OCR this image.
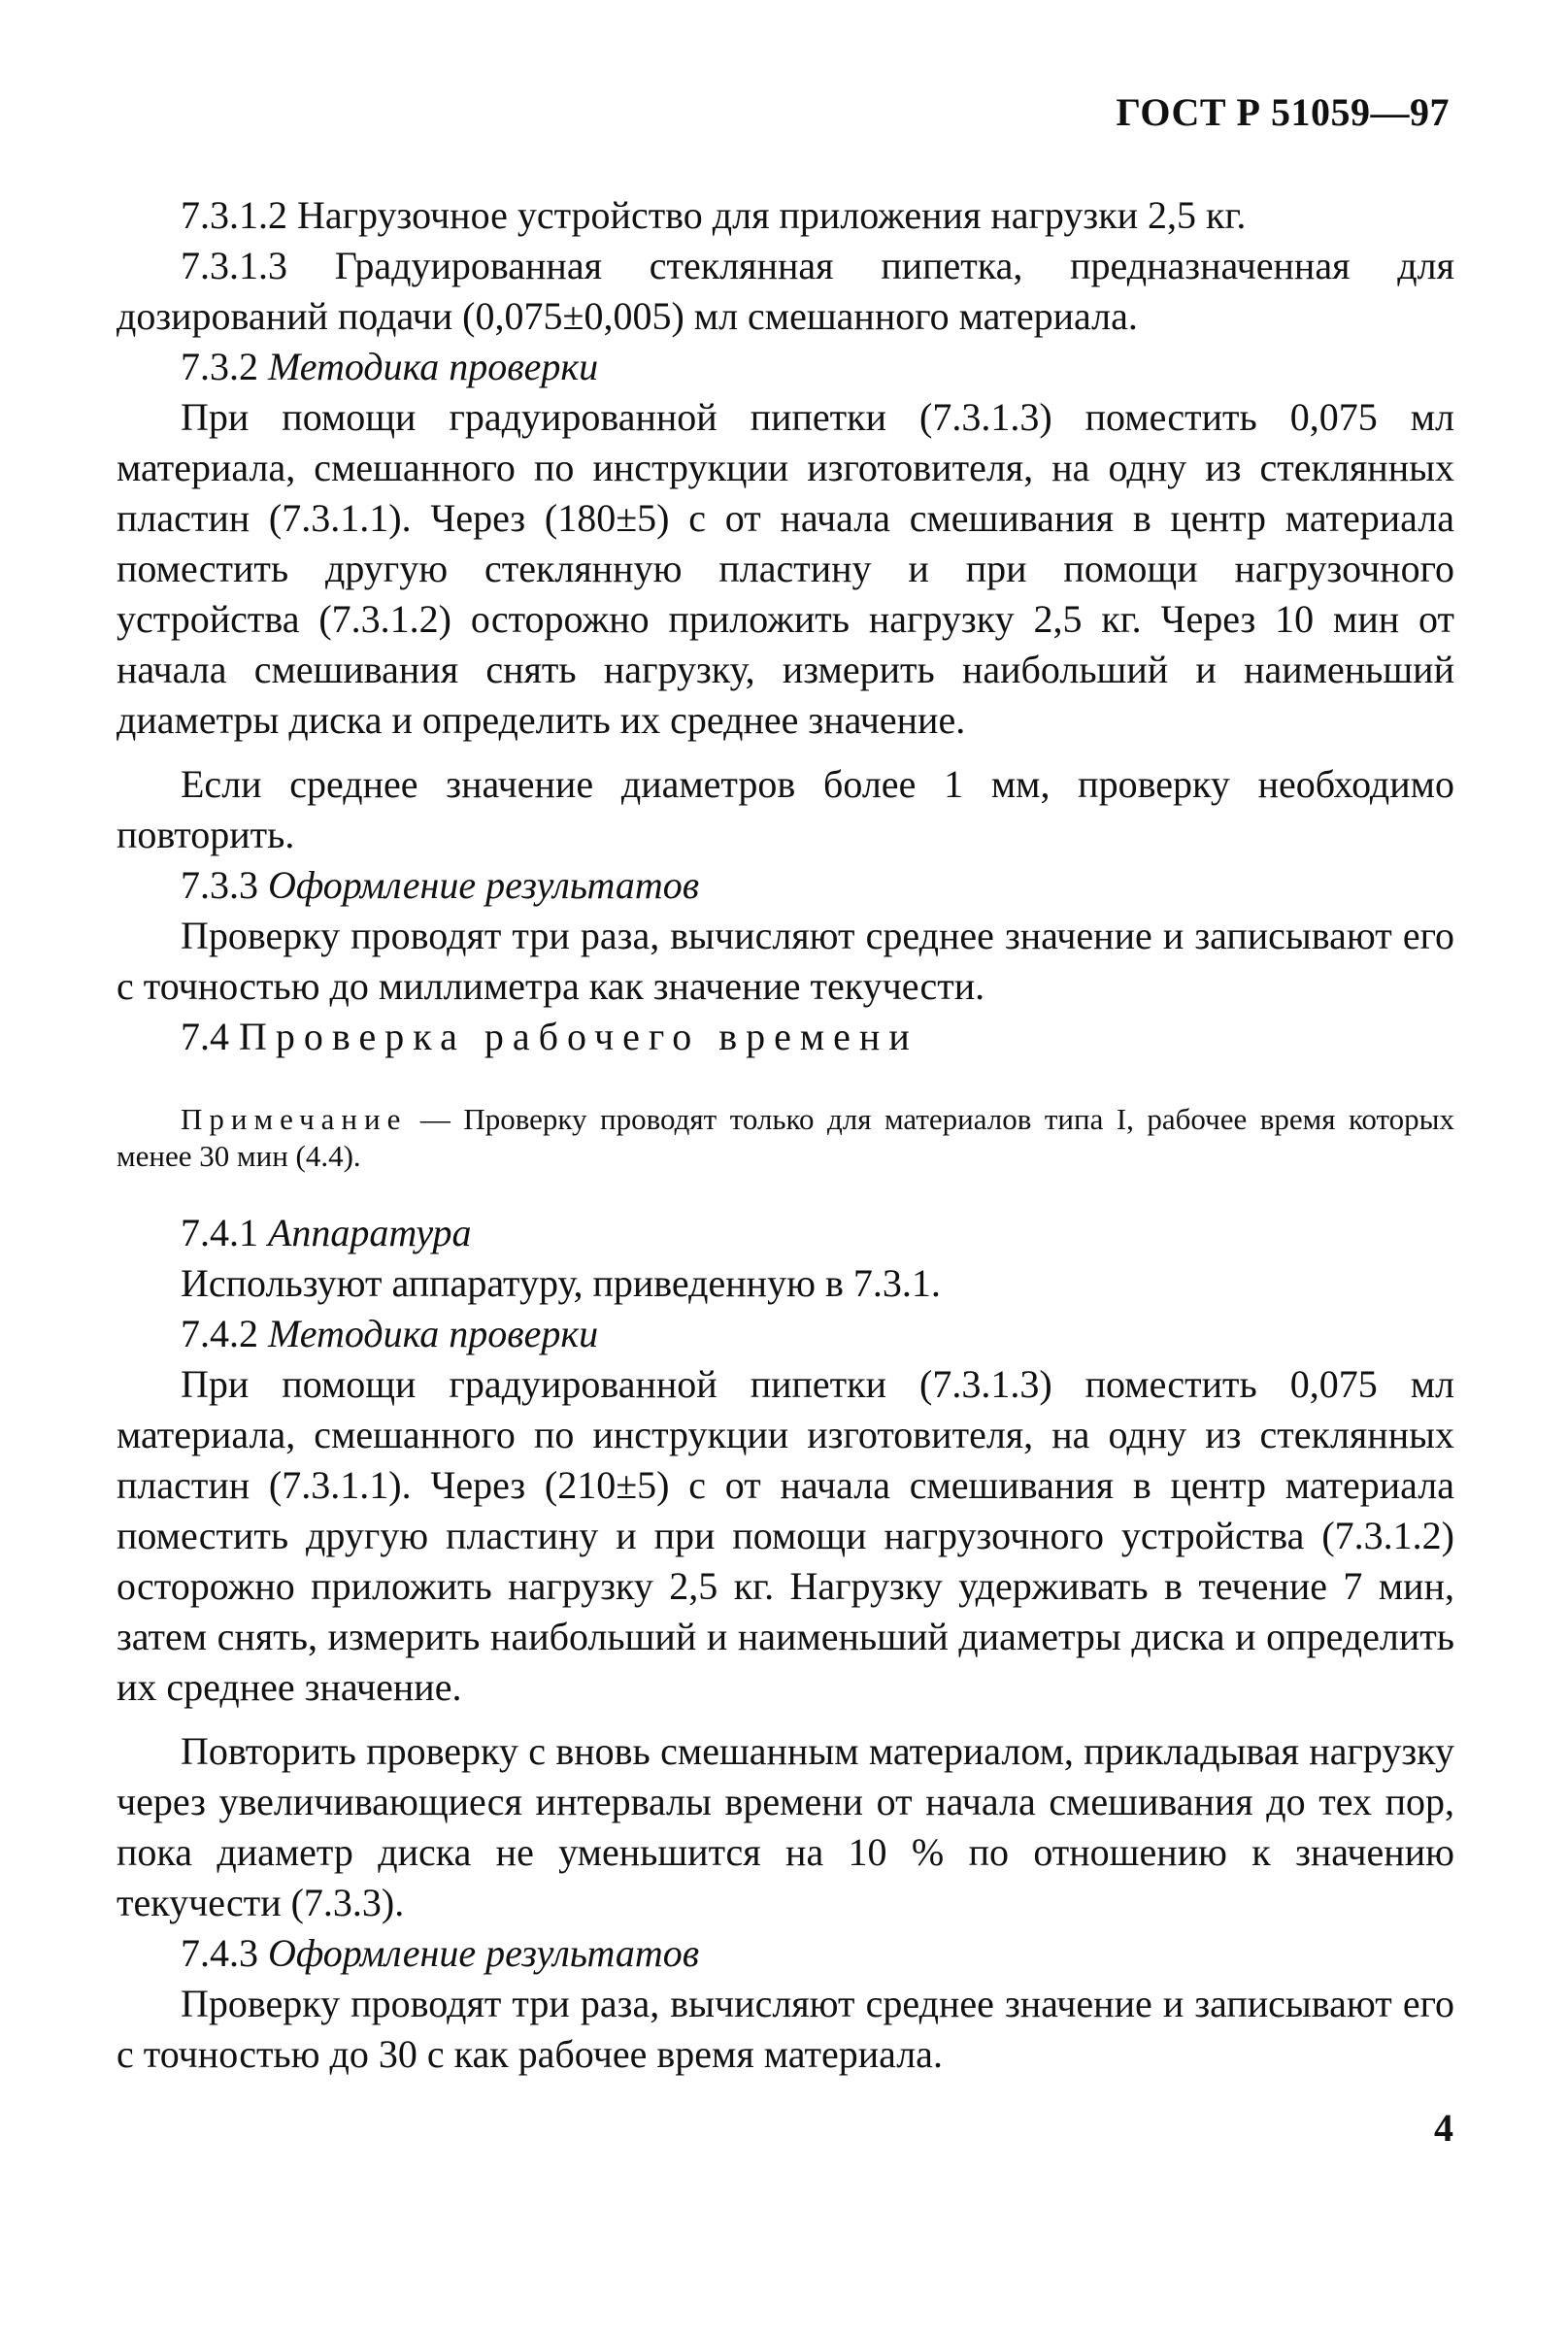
ГОСТ Р 51059—97

7.3.1.2 Нагрузочное устройство для приложения нагрузки 2,5 кг.

7.3.1.3 Градуированная стеклянная пипетка, предназначенная для дозирований подачи (0,075±0,005) мл смешанного материала.

7.3.2 Методика проверки

При помощи градуированной пипетки (7.3.1.3) поместить 0,075 мл материала, смешанного по инструкции изготовителя, на одну из стеклянных пластин (7.3.1.1). Через (180±5) с от начала смешивания в центр материала поместить другую стеклянную пластину и при помощи нагрузочного устройства (7.3.1.2) осторожно приложить нагрузку 2,5 кг. Через 10 мин от начала смешивания снять нагрузку, измерить наибольший и наименьший диаметры диска и определить их среднее значение.

Если среднее значение диаметров более 1 мм, проверку необходимо повторить.

7.3.3 Оформление результатов

Проверку проводят три раза, вычисляют среднее значение и записывают его с точностью до миллиметра как значение текучести.

7.4 Проверка рабочего времени

Примечание — Проверку проводят только для материалов типа I, рабочее время которых менее 30 мин (4.4).

7.4.1 Аппаратура

Используют аппаратуру, приведенную в 7.3.1.

7.4.2 Методика проверки

При помощи градуированной пипетки (7.3.1.3) поместить 0,075 мл материала, смешанного по инструкции изготовителя, на одну из стеклянных пластин (7.3.1.1). Через (210±5) с от начала смешивания в центр материала поместить другую пластину и при помощи нагрузочного устройства (7.3.1.2) осторожно приложить нагрузку 2,5 кг. Нагрузку удерживать в течение 7 мин, затем снять, измерить наибольший и наименьший диаметры диска и определить их среднее значение.

Повторить проверку с вновь смешанным материалом, прикладывая нагрузку через увеличивающиеся интервалы времени от начала смешивания до тех пор, пока диаметр диска не уменьшится на 10 % по отношению к значению текучести (7.3.3).

7.4.3 Оформление результатов

Проверку проводят три раза, вычисляют среднее значение и записывают его с точностью до 30 с как рабочее время материала.

4
